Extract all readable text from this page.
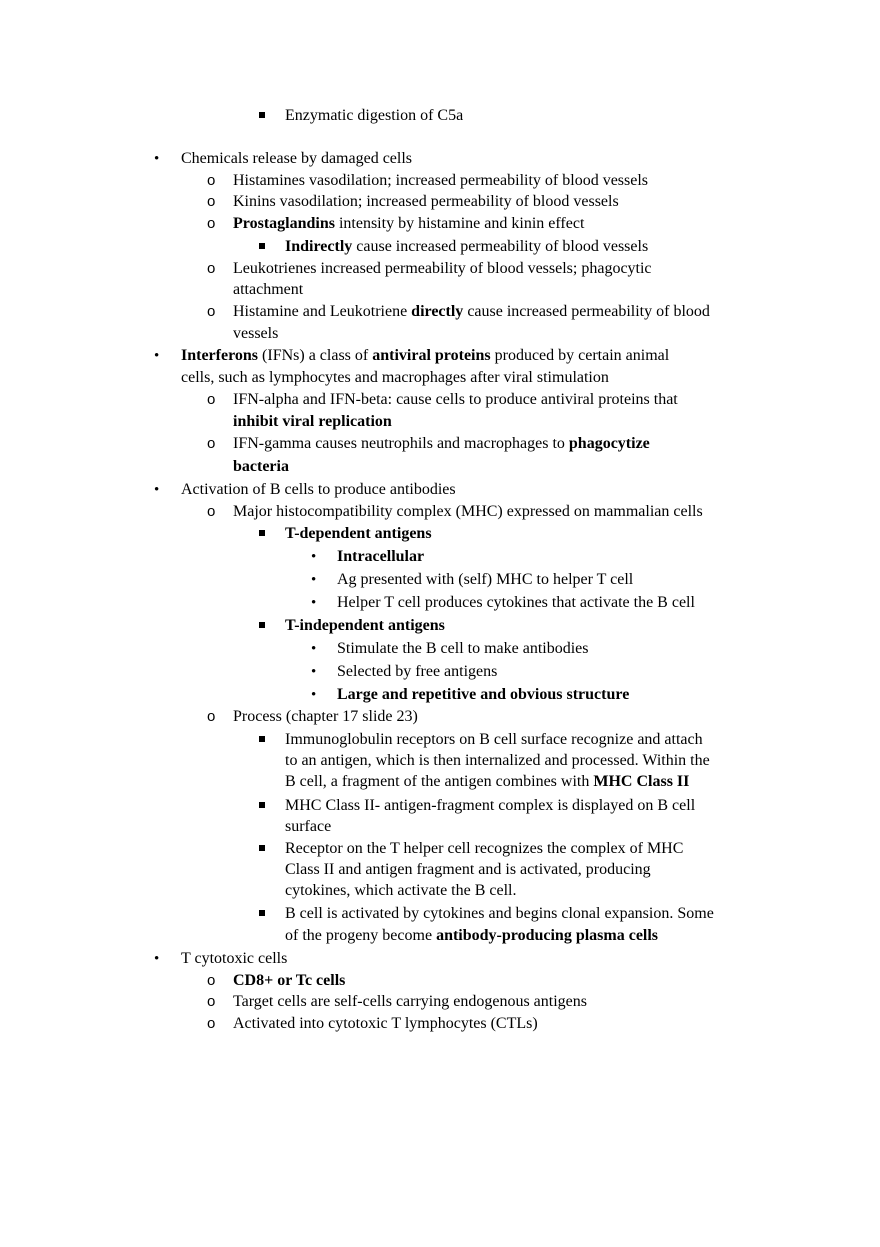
Enzymatic digestion of C5a
•
Chemicals release by damaged cells
o
Histamines vasodilation; increased permeability of blood vessels
o
Kinins vasodilation; increased permeability of blood vessels
o
Prostaglandins intensity by histamine and kinin effect
Indirectly cause increased permeability of blood vessels
o
Leukotrienes increased permeability of blood vessels; phagocytic
attachment
o
Histamine and Leukotriene directly cause increased permeability of blood
vessels
•
Interferons (IFNs) a class of antiviral proteins produced by certain animal
cells, such as lymphocytes and macrophages after viral stimulation
o
IFN-alpha and IFN-beta: cause cells to produce antiviral proteins that
inhibit viral replication
o
IFN-gamma causes neutrophils and macrophages to phagocytize
bacteria
•
Activation of B cells to produce antibodies
o
Major histocompatibility complex (MHC) expressed on mammalian cells
T-dependent antigens
•
Intracellular
•
Ag presented with (self) MHC to helper T cell
•
Helper T cell produces cytokines that activate the B cell
T-independent antigens
•
Stimulate the B cell to make antibodies
•
Selected by free antigens
•
Large and repetitive and obvious structure
o
Process (chapter 17 slide 23)
Immunoglobulin receptors on B cell surface recognize and attach
to an antigen, which is then internalized and processed. Within the
B cell, a fragment of the antigen combines with MHC Class II
MHC Class II- antigen-fragment complex is displayed on B cell
surface
Receptor on the T helper cell recognizes the complex of MHC
Class II and antigen fragment and is activated, producing
cytokines, which activate the B cell.
B cell is activated by cytokines and begins clonal expansion. Some
of the progeny become antibody-producing plasma cells
•
T cytotoxic cells
o
CD8+ or Tc cells
o
Target cells are self-cells carrying endogenous antigens
o
Activated into cytotoxic T lymphocytes (CTLs)
